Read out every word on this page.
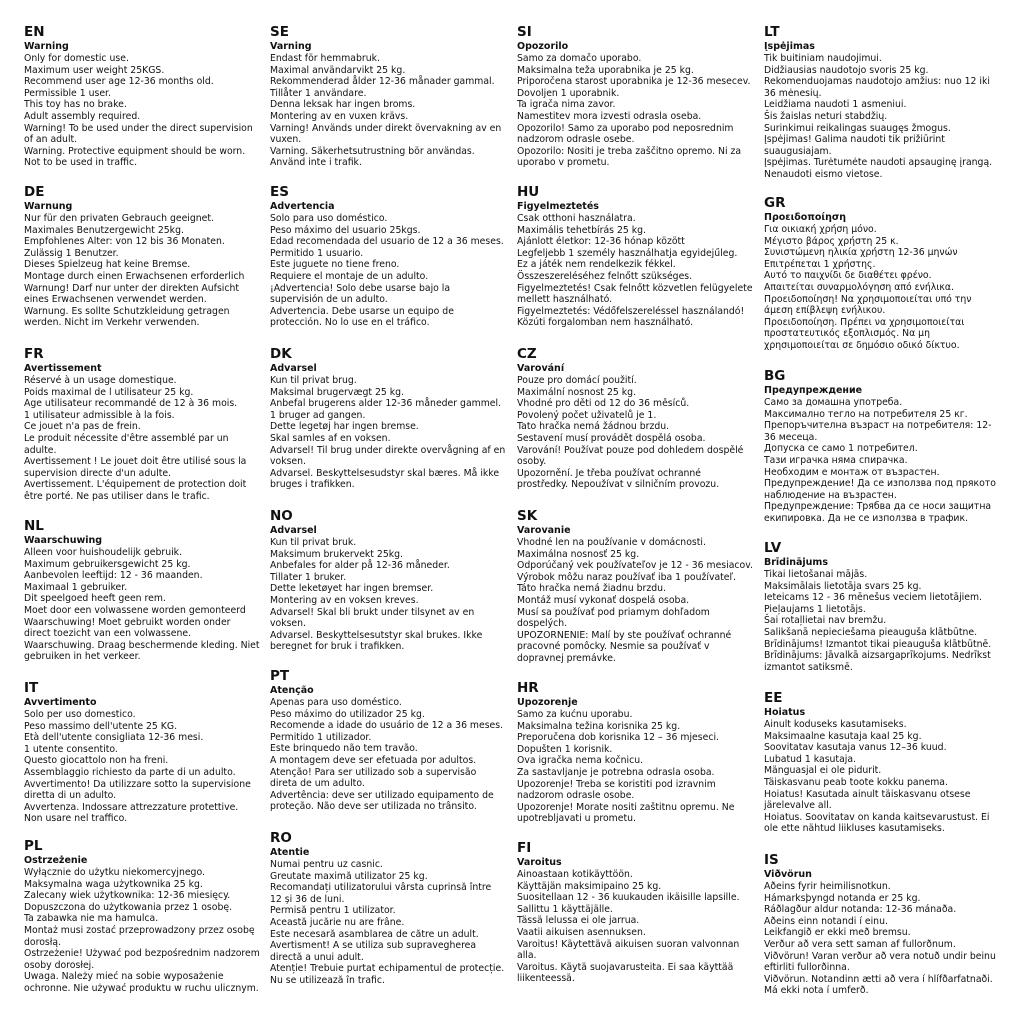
EN
Warning
Only for domestic use.
Maximum user weight 25KGS.
Recommend user age 12-36 months old.
Permissible 1 user.
This toy has no brake.
Adult assembly required.
Warning! To be used under the direct supervision of an adult.
Warning. Protective equipment should be worn.
Not to be used in traffic.
DE
Warnung
Nur für den privaten Gebrauch geeignet.
Maximales Benutzergewicht 25kg.
Empfohlenes Alter: von 12 bis 36 Monaten.
Zulässig 1 Benutzer.
Dieses Spielzeug hat keine Bremse.
Montage durch einen Erwachsenen erforderlich
Warnung! Darf nur unter der direkten Aufsicht eines Erwachsenen verwendet werden.
Warnung. Es sollte Schutzkleidung getragen werden. Nicht im Verkehr verwenden.
FR
Avertissement
Réservé à un usage domestique.
Poids maximal de l utilisateur 25 kg.
Age utilisateur recommandé de 12 à 36 mois.
1 utilisateur admissible à la fois.
Ce jouet n'a pas de frein.
Le produit nécessite d'être assemblé par un adulte.
Avertissement ! Le jouet doit être utilisé sous la supervision directe d'un adulte.
Avertissement. L'équipement de protection doit être porté. Ne pas utiliser dans le trafic.
NL
Waarschuwing
Alleen voor huishoudelijk gebruik.
Maximum gebruikersgewicht 25 kg.
Aanbevolen leeftijd: 12 - 36 maanden.
Maximaal 1 gebruiker.
Dit speelgoed heeft geen rem.
Moet door een volwassene worden gemonteerd
Waarschuwing! Moet gebruikt worden onder direct toezicht van een volwassene.
Waarschuwing. Draag beschermende kleding. Niet gebruiken in het verkeer.
IT
Avvertimento
Solo per uso domestico.
Peso massimo dell'utente 25 KG.
Età dell'utente consigliata 12-36 mesi.
1 utente consentito.
Questo giocattolo non ha freni.
Assemblaggio richiesto da parte di un adulto.
Avvertimento! Da utilizzare sotto la supervisione diretta di un adulto.
Avvertenza. Indossare attrezzature protettive.
Non usare nel traffico.
PL
Ostrzeżenie
Wyłącznie do użytku niekomercyjnego.
Maksymalna waga użytkownika 25 kg.
Zalecany wiek użytkownika: 12-36 miesięcy.
Dopuszczona do użytkowania przez 1 osobę.
Ta zabawka nie ma hamulca.
Montaż musi zostać przeprowadzony przez osobę dorosłą.
Ostrzeżenie! Używać pod bezpośrednim nadzorem osoby dorosłej.
Uwaga. Należy mieć na sobie wyposażenie ochronne. Nie używać produktu w ruchu ulicznym.
SE
Varning
Endast för hemmabruk.
Maximal användarvikt 25 kg.
Rekommenderad ålder 12-36 månader gammal.
Tillåter 1 användare.
Denna leksak har ingen broms.
Montering av en vuxen krävs.
Varning! Används under direkt övervakning av en vuxen.
Varning. Säkerhetsutrustning bör användas.
Använd inte i trafik.
ES
Advertencia
Solo para uso doméstico.
Peso máximo del usuario 25kgs.
Edad recomendada del usuario de 12 a 36 meses.
Permitido 1 usuario.
Este juguete no tiene freno.
Requiere el montaje de un adulto.
¡Advertencia! Solo debe usarse bajo la supervisión de un adulto.
Advertencia. Debe usarse un equipo de protección. No lo use en el tráfico.
DK
Advarsel
Kun til privat brug.
Maksimal brugervægt 25 kg.
Anbefal brugerens alder 12-36 måneder gammel.
1 bruger ad gangen.
Dette legetøj har ingen bremse.
Skal samles af en voksen.
Advarsel! Til brug under direkte overvågning af en voksen.
Advarsel. Beskyttelsesudstyr skal bæres. Må ikke bruges i trafikken.
NO
Advarsel
Kun til privat bruk.
Maksimum brukervekt 25kg.
Anbefales for alder på 12-36 måneder.
Tillater 1 bruker.
Dette leketøyet har ingen bremser.
Montering av en voksen kreves.
Advarsel! Skal bli brukt under tilsynet av en voksen.
Advarsel. Beskyttelsesutstyr skal brukes. Ikke beregnet for bruk i trafikken.
PT
Atenção
Apenas para uso doméstico.
Peso máximo do utilizador 25 kg.
Recomende a idade do usuário de 12 a 36 meses.
Permitido 1 utilizador.
Este brinquedo não tem travão.
A montagem deve ser efetuada por adultos.
Atenção! Para ser utilizado sob a supervisão direta de um adulto.
Advertência: deve ser utilizado equipamento de proteção. Não deve ser utilizada no trânsito.
RO
Atentie
Numai pentru uz casnic.
Greutate maximă utilizator 25 kg.
Recomandați utilizatorului vârsta cuprinsă între 12 și 36 de luni.
Permisă pentru 1 utilizator.
Această jucărie nu are frâne.
Este necesară asamblarea de către un adult.
Avertisment! A se utiliza sub supravegherea directă a unui adult.
Atenție! Trebuie purtat echipamentul de protecție. Nu se utilizează în trafic.
SI
Opozorilo
Samo za domačo uporabo.
Maksimalna teža uporabnika je 25 kg.
Priporočena starost uporabnika je 12-36 mesecev.
Dovoljen 1 uporabnik.
Ta igrača nima zavor.
Namestitev mora izvesti odrasla oseba.
Opozorilo! Samo za uporabo pod neposrednim nadzorom odrasle osebe.
Opozorilo: Nositi je treba zaščitno opremo. Ni za uporabo v prometu.
HU
Figyelmeztetés
Csak otthoni használatra.
Maximális tehetbírás 25 kg.
Ajánlott életkor: 12-36 hónap között
Legfeljebb 1 személy használhatja egyidejűleg.
Ez a játék nem rendelkezik fékkel.
Összeszereléséhez felnőtt szükséges.
Figyelmeztetés! Csak felnőtt közvetlen felügyelete mellett használható.
Figyelmeztetés: Védőfelszereléssel használandó!
Közúti forgalomban nem használható.
CZ
Varování
Pouze pro domácí použití.
Maximální nosnost 25 kg.
Vhodné pro děti od 12 do 36 měsíců.
Povolený počet uživatelů je 1.
Tato hračka nemá žádnou brzdu.
Sestavení musí provádět dospělá osoba.
Varování! Používat pouze pod dohledem dospělé osoby.
Upozornění. Je třeba používat ochranné prostředky. Nepoužívat v silničním provozu.
SK
Varovanie
Vhodné len na používanie v domácnosti.
Maximálna nosnosť 25 kg.
Odporúčaný vek používateľov je 12 - 36 mesiacov.
Výrobok môžu naraz používať iba 1 používateľ.
Táto hračka nemá žiadnu brzdu.
Montáž musí vykonať dospelá osoba.
Musí sa používať pod priamym dohľadom dospelých.
UPOZORNENIE: Malí by ste používať ochranné pracovné pomôcky. Nesmie sa používať v dopravnej premávke.
HR
Upozorenje
Samo za kućnu uporabu.
Maksimalna težina korisnika 25 kg.
Preporučena dob korisnika 12 – 36 mjeseci.
Dopušten 1 korisnik.
Ova igračka nema kočnicu.
Za sastavljanje je potrebna odrasla osoba.
Upozorenje! Treba se koristiti pod izravnim nadzorom odrasle osobe.
Upozorenje! Morate nositi zaštitnu opremu. Ne upotrebljavati u prometu.
FI
Varoitus
Ainoastaan kotikäyttöön.
Käyttäjän maksimipaino 25 kg.
Suositellaan 12 - 36 kuukauden ikäisille lapsille.
Sallittu 1 käyttäjälle.
Tässä lelussa ei ole jarrua.
Vaatii aikuisen asennuksen.
Varoitus! Käytettävä aikuisen suoran valvonnan alla.
Varoitus. Käytä suojavarusteita. Ei saa käyttää liikenteessä.
LT
Įspėjimas
Tik buitiniam naudojimui.
Didžiausias naudotojo svoris 25 kg.
Rekomenduojamas naudotojo amžius: nuo 12 iki 36 mėnesių.
Leidžiama naudoti 1 asmeniui.
Šis žaislas neturi stabdžių.
Surinkimui reikalingas suaugęs žmogus.
Įspėjimas! Galima naudoti tik prižiūrint suaugusiajam.
Įspėjimas. Turėtumėte naudoti apsauginę įrangą.
Nenaudoti eismo vietose.
GR
Προειδοποίηση
Για οικιακή χρήση μόνο.
Μέγιστο βάρος χρήστη 25 κ.
Συνιστώμενη ηλικία χρήστη 12-36 μηνών
Επιτρέπεται 1 χρήστης.
Αυτό το παιχνίδι δε διαθέτει φρένο.
Απαιτείται συναρμολόγηση από ενήλικα.
Προειδοποίηση! Να χρησιμοποιείται υπό την άμεση επίβλεψη ενήλικου.
Προειδοποίηση. Πρέπει να χρησιμοποιείται προστατευτικός εξοπλισμός. Να μη χρησιμοποιείται σε δημόσιο οδικό δίκτυο.
BG
Предупреждение
Само за домашна употреба.
Максимално тегло на потребителя 25 кг.
Препоръчителна възраст на потребителя: 12-36 месеца.
Допуска се само 1 потребител.
Тази играчка няма спирачка.
Необходим е монтаж от възрастен.
Предупреждение! Да се използва под прякото наблюдение на възрастен.
Предупреждение: Трябва да се носи защитна екипировка. Да не се използва в трафик.
LV
Brīdinājums
Tikai lietošanai mājās.
Maksimālais lietotāja svars 25 kg.
Ieteicams 12 - 36 mēnešus veciem lietotājiem.
Pieļaujams 1 lietotājs.
Šai rotaļlietai nav bremžu.
Salikšanā nepieciešama pieauguša klātbūtne.
Brīdinājums! Izmantot tikai pieauguša klātbūtnē.
Brīdinājums: Jāvalkā aizsargaprīkojums. Nedrīkst izmantot satiksmē.
EE
Hoiatus
Ainult koduseks kasutamiseks.
Maksimaalne kasutaja kaal 25 kg.
Soovitatav kasutaja vanus 12–36 kuud.
Lubatud 1 kasutaja.
Mänguasjal ei ole pidurit.
Täiskasvanu peab toote kokku panema.
Hoiatus! Kasutada ainult täiskasvanu otsese järelevalve all.
Hoiatus. Soovitatav on kanda kaitsevarustust. Ei ole ette nähtud liikluses kasutamiseks.
IS
Viðvörun
Aðeins fyrir heimilisnotkun.
Hámarksþyngd notanda er 25 kg.
Ráðlagður aldur notanda: 12-36 mánaða.
Aðeins einn notandi í einu.
Leikfangið er ekki með bremsu.
Verður að vera sett saman af fullorðnum.
Viðvörun! Varan verður að vera notuð undir beinu eftirliti fullorðinna.
Viðvörun. Notandinn ætti að vera í hlífðarfatnaði.
Má ekki nota í umferð.
